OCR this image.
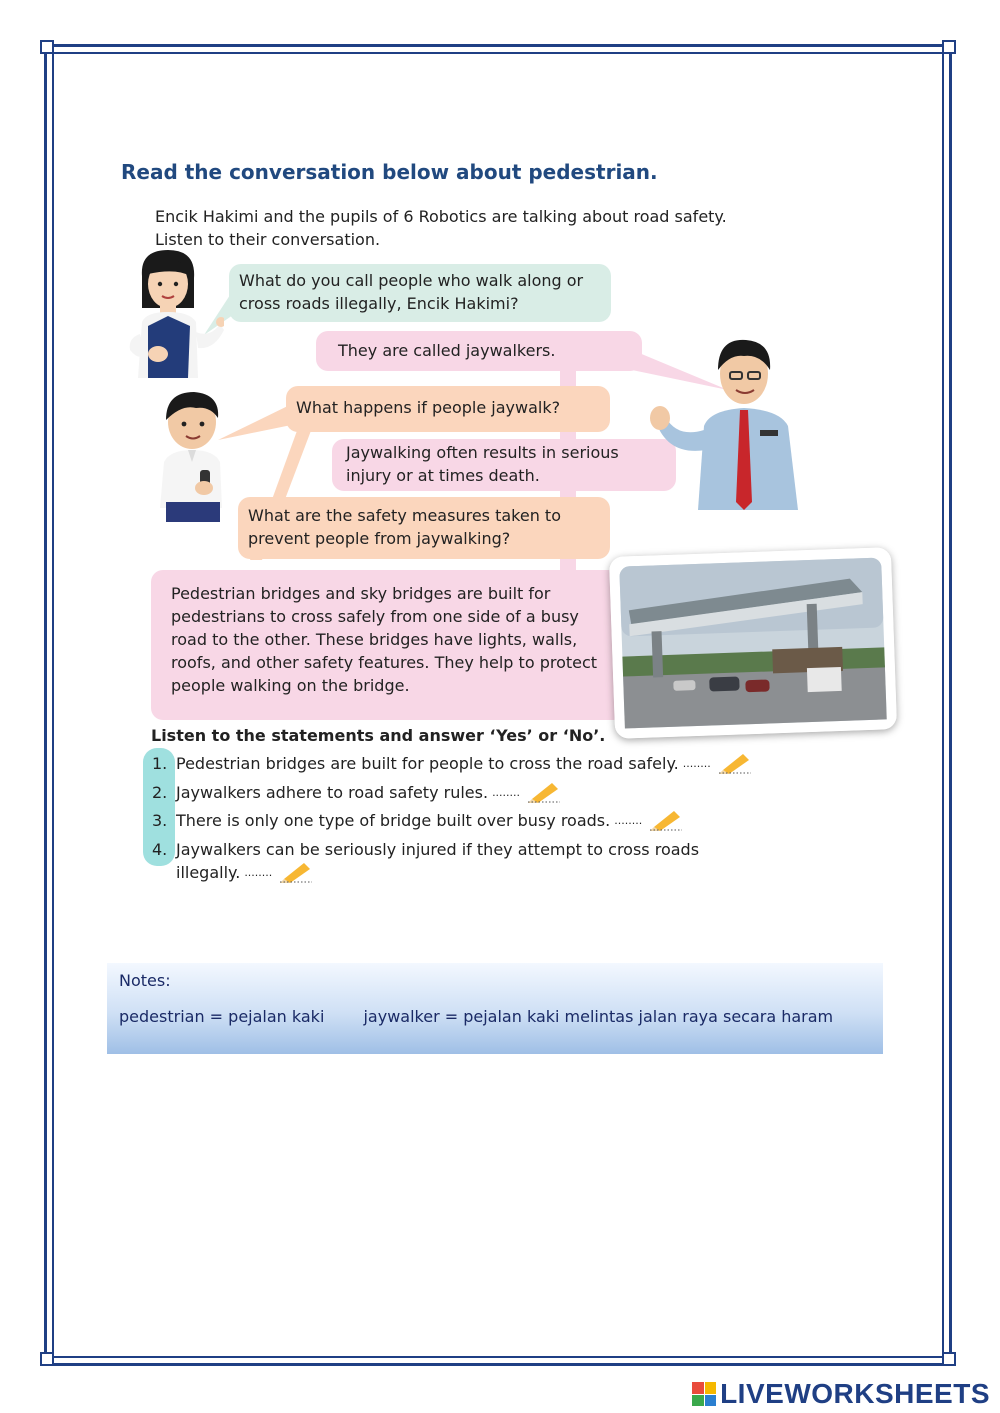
Read the conversation below about pedestrian.
Encik Hakimi and the pupils of 6 Robotics are talking about road safety.
Listen to their conversation.
What do you call people who walk along or
cross roads illegally, Encik Hakimi?
They are called jaywalkers.
What happens if people jaywalk?
Jaywalking often results in serious
injury or at times death.
What are the safety measures taken to
prevent people from jaywalking?
Pedestrian bridges and sky bridges are built for
pedestrians to cross safely from one side of a busy
road to the other. These bridges have lights, walls,
roofs, and other safety features. They help to protect
people walking on the bridge.
Listen to the statements and answer ‘Yes’ or ‘No’.
1. Pedestrian bridges are built for people to cross the road safely. ........
2. Jaywalkers adhere to road safety rules. ........
3. There is only one type of bridge built over busy roads. ........
4. Jaywalkers can be seriously injured if they attempt to cross roads
illegally. ........
Notes:
pedestrian = pejalan kaki jaywalker = pejalan kaki melintas jalan raya secara haram
LIVEWORKSHEETS
